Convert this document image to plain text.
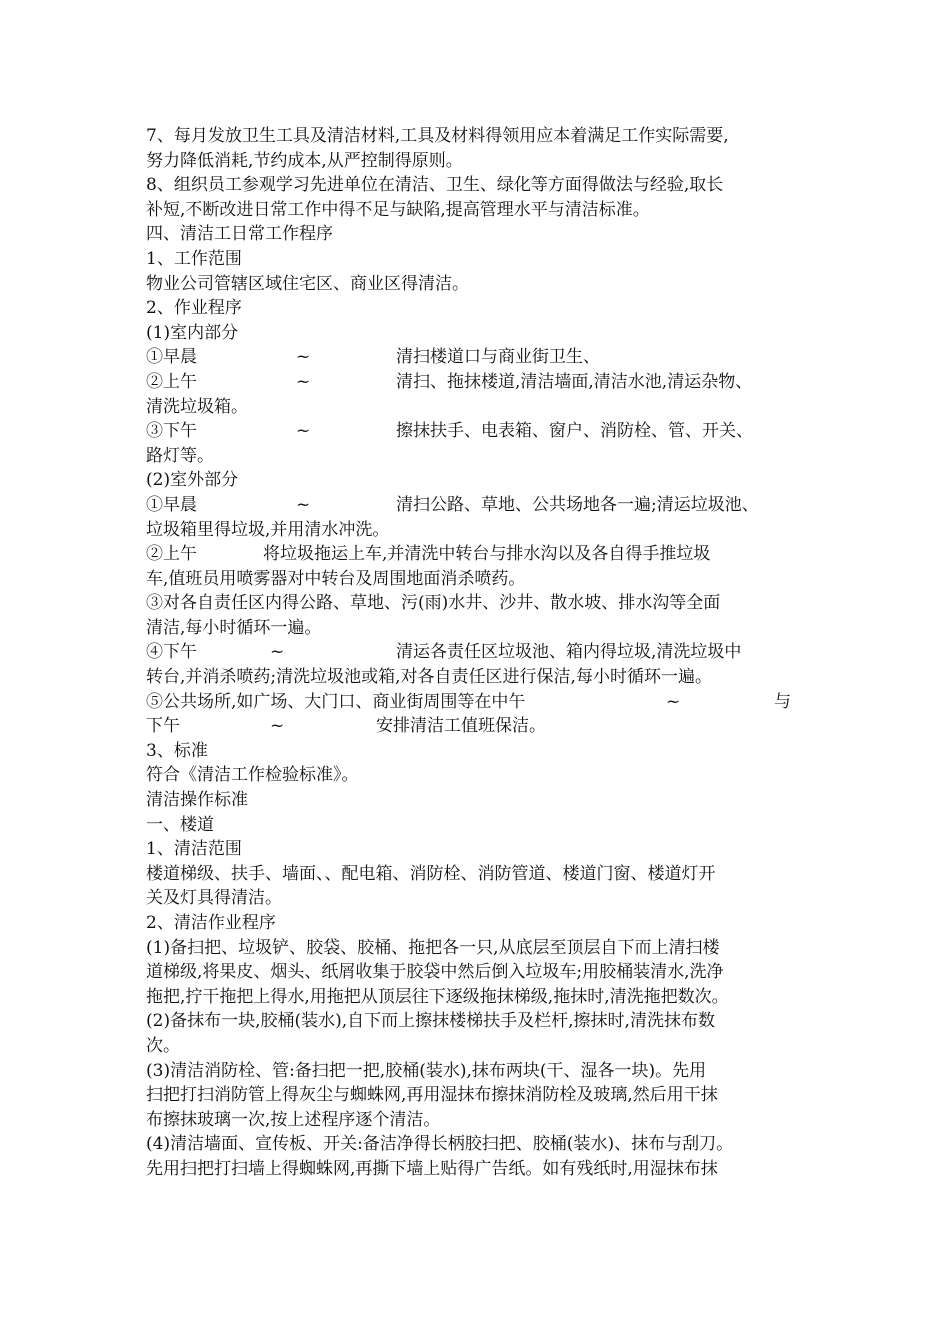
7、每月发放卫生工具及清洁材料,工具及材料得领用应本着满足工作实际需要,
努力降低消耗,节约成本,从严控制得原则。
8、组织员工参观学习先进单位在清洁、卫生、绿化等方面得做法与经验,取长
补短,不断改进日常工作中得不足与缺陷,提高管理水平与清洁标准。
四、清洁工日常工作程序
1、工作范围
物业公司管辖区域住宅区、商业区得清洁。
2、作业程序
(1)室内部分
①早晨	~	清扫楼道口与商业街卫生、
②上午	~	清扫、拖抹楼道,清洁墙面,清洁水池,清运杂物、
清洗垃圾箱。
③下午	~	擦抹扶手、电表箱、窗户、消防栓、管、开关、
路灯等。
(2)室外部分
①早晨	~	清扫公路、草地、公共场地各一遍;清运垃圾池、
垃圾箱里得垃圾,并用清水冲洗。
②上午	将垃圾拖运上车,并清洗中转台与排水沟以及各自得手推垃圾
车,值班员用喷雾器对中转台及周围地面消杀喷药。
③对各自责任区内得公路、草地、污(雨)水井、沙井、散水坡、排水沟等全面
清洁,每小时循环一遍。
④下午	~	清运各责任区垃圾池、箱内得垃圾,清洗垃圾中
转台,并消杀喷药;清洗垃圾池或箱,对各自责任区进行保洁,每小时循环一遍。
⑤公共场所,如广场、大门口、商业街周围等在中午	~	与
下午	~	安排清洁工值班保洁。
3、标准
符合《清洁工作检验标准》。
清洁操作标准
一、楼道
1、清洁范围
楼道梯级、扶手、墙面、、配电箱、消防栓、消防管道、楼道门窗、楼道灯开
关及灯具得清洁。
2、清洁作业程序
(1)备扫把、垃圾铲、胶袋、胶桶、拖把各一只,从底层至顶层自下而上清扫楼
道梯级,将果皮、烟头、纸屑收集于胶袋中然后倒入垃圾车;用胶桶装清水,洗净
拖把,拧干拖把上得水,用拖把从顶层往下逐级拖抹梯级,拖抹时,清洗拖把数次。
(2)备抹布一块,胶桶(装水),自下而上擦抹楼梯扶手及栏杆,擦抹时,清洗抹布数
次。
(3)清洁消防栓、管:备扫把一把,胶桶(装水),抹布两块(干、湿各一块)。先用
扫把打扫消防管上得灰尘与蜘蛛网,再用湿抹布擦抹消防栓及玻璃,然后用干抹
布擦抹玻璃一次,按上述程序逐个清洁。
(4)清洁墙面、宣传板、开关:备洁净得长柄胶扫把、胶桶(装水)、抹布与刮刀。
先用扫把打扫墙上得蜘蛛网,再撕下墙上贴得广告纸。如有残纸时,用湿抹布抹
